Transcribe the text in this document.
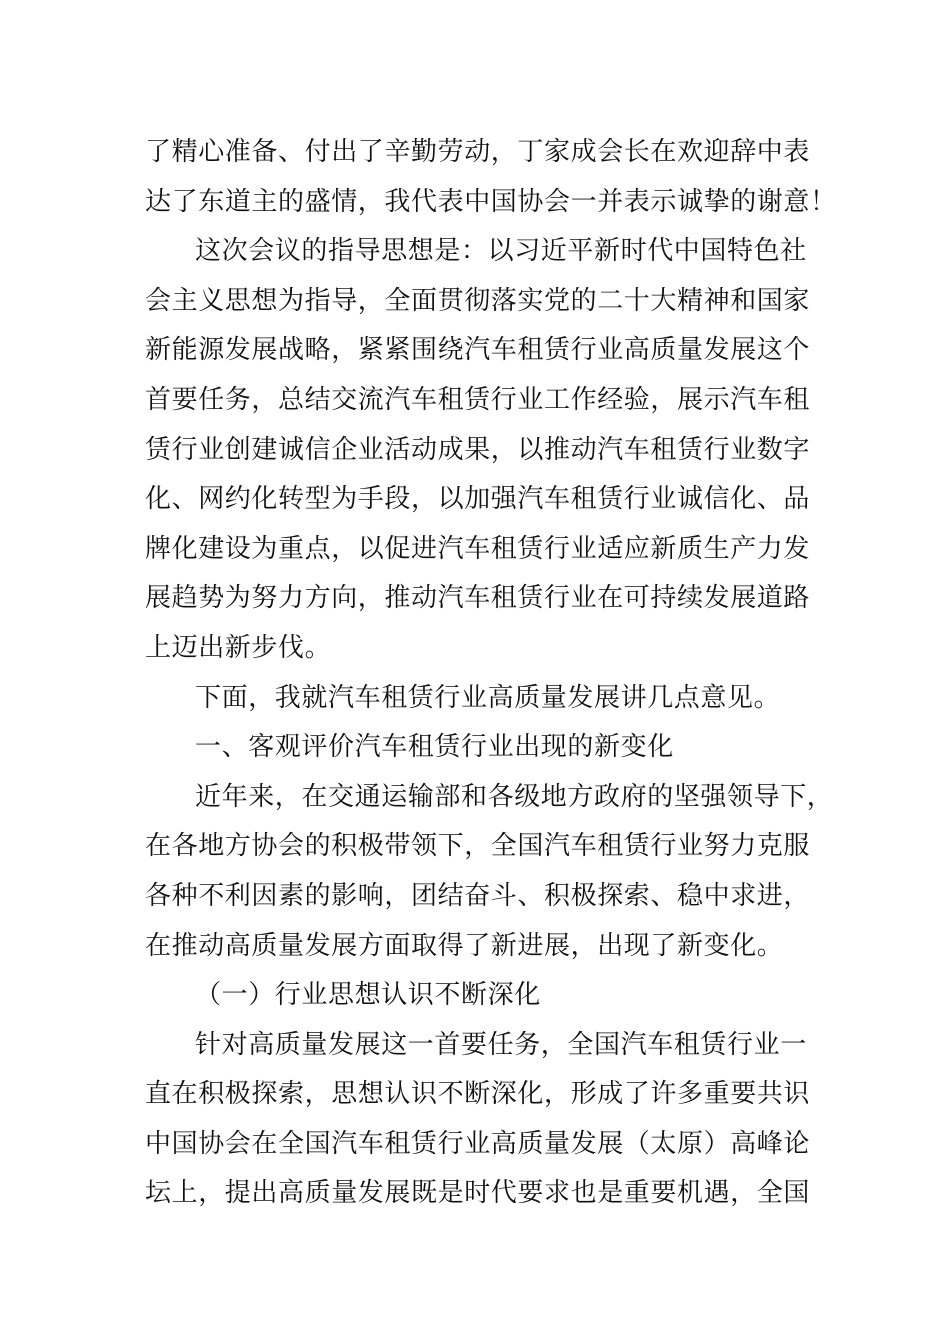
了精心准备、付出了辛勤劳动，丁家成会长在欢迎辞中表
达了东道主的盛情，我代表中国协会一并表示诚挚的谢意！
这次会议的指导思想是：以习近平新时代中国特色社
会主义思想为指导，全面贯彻落实党的二十大精神和国家
新能源发展战略，紧紧围绕汽车租赁行业高质量发展这个
首要任务，总结交流汽车租赁行业工作经验，展示汽车租
赁行业创建诚信企业活动成果，以推动汽车租赁行业数字
化、网约化转型为手段，以加强汽车租赁行业诚信化、品
牌化建设为重点，以促进汽车租赁行业适应新质生产力发
展趋势为努力方向，推动汽车租赁行业在可持续发展道路
上迈出新步伐。
下面，我就汽车租赁行业高质量发展讲几点意见。
一、客观评价汽车租赁行业出现的新变化
近年来，在交通运输部和各级地方政府的坚强领导下，
在各地方协会的积极带领下，全国汽车租赁行业努力克服
各种不利因素的影响，团结奋斗、积极探索、稳中求进，
在推动高质量发展方面取得了新进展，出现了新变化。
（一）行业思想认识不断深化
针对高质量发展这一首要任务，全国汽车租赁行业一
直在积极探索，思想认识不断深化，形成了许多重要共识
中国协会在全国汽车租赁行业高质量发展（太原）高峰论
坛上，提出高质量发展既是时代要求也是重要机遇，全国
